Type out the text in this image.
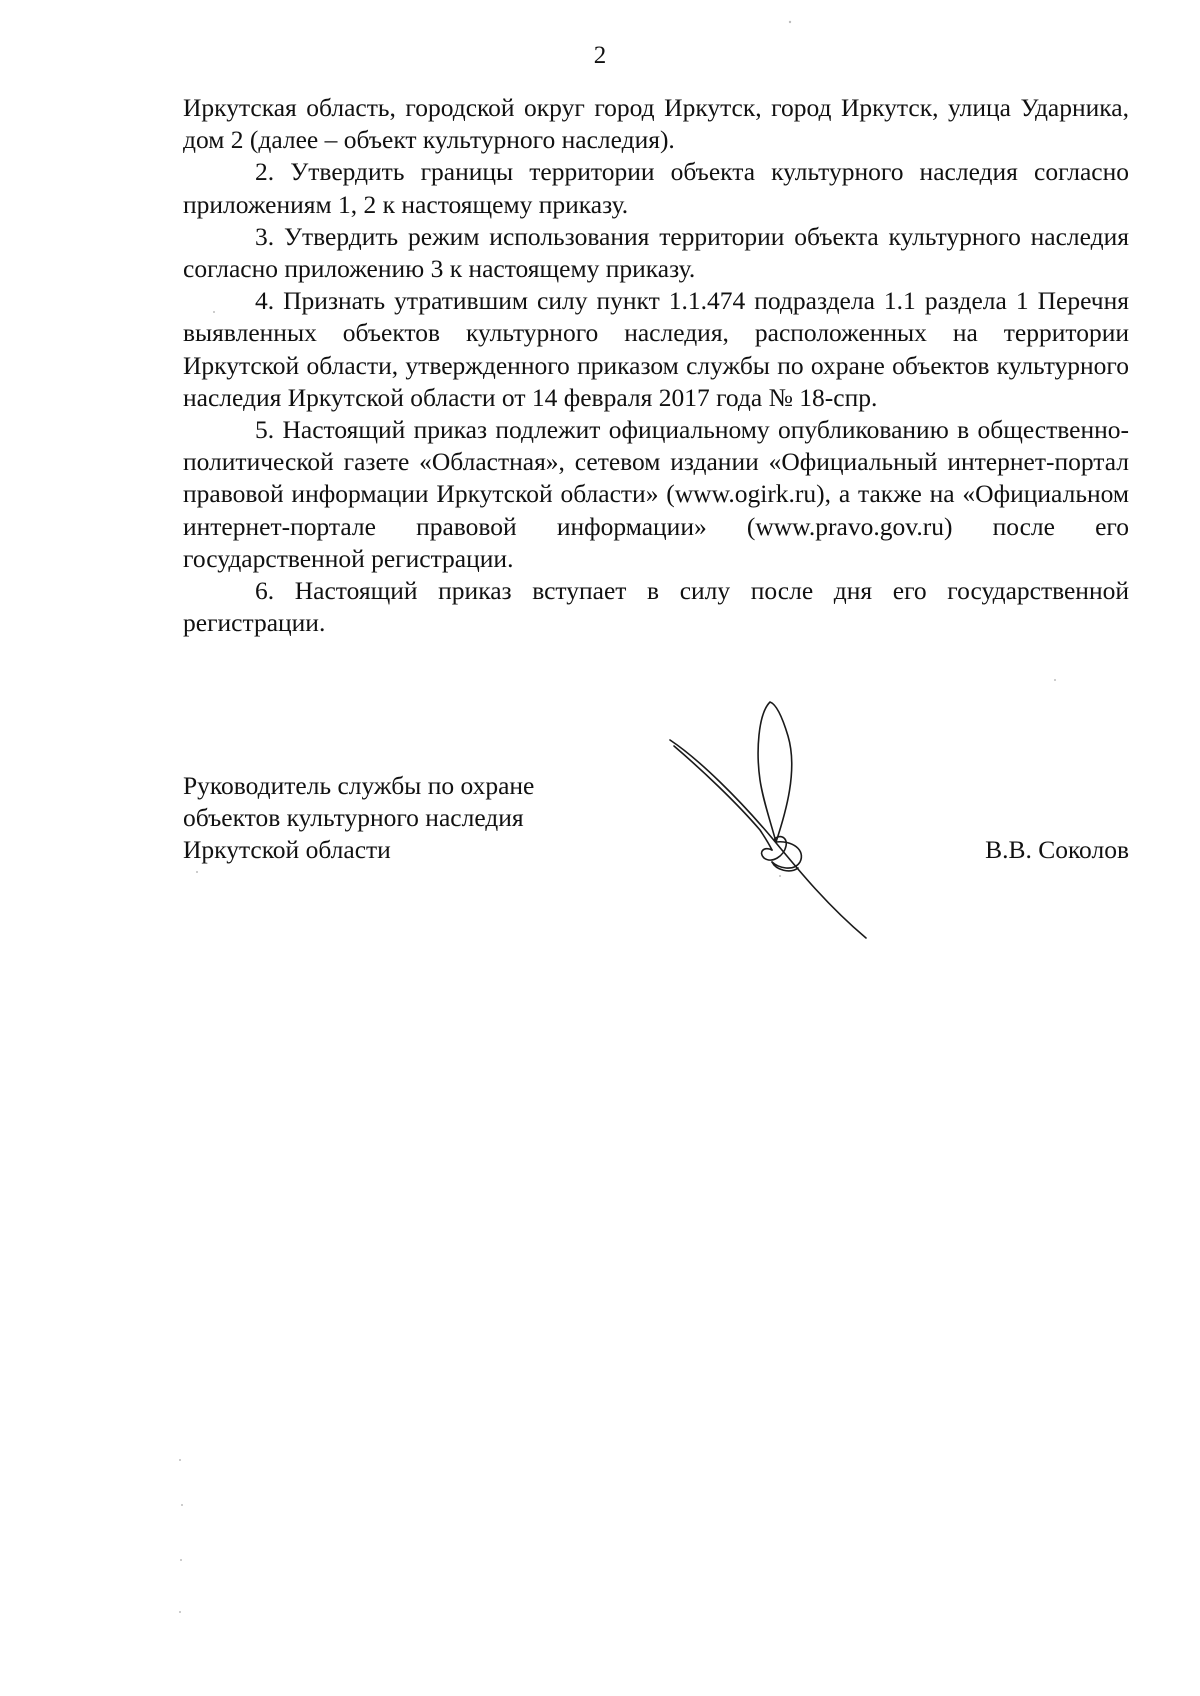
2

Иркутская область, городской округ город Иркутск, город Иркутск, улица Ударника, дом 2 (далее – объект культурного наследия).

2. Утвердить границы территории объекта культурного наследия согласно приложениям 1, 2 к настоящему приказу.

3. Утвердить режим использования территории объекта культурного наследия согласно приложению 3 к настоящему приказу.

4. Признать утратившим силу пункт 1.1.474 подраздела 1.1 раздела 1 Перечня выявленных объектов культурного наследия, расположенных на территории Иркутской области, утвержденного приказом службы по охране объектов культурного наследия Иркутской области от 14 февраля 2017 года № 18-спр.

5. Настоящий приказ подлежит официальному опубликованию в общественно-политической газете «Областная», сетевом издании «Официальный интернет-портал правовой информации Иркутской области» (www.ogirk.ru), а также на «Официальном интернет-портале правовой информации» (www.pravo.gov.ru) после его государственной регистрации.

6. Настоящий приказ вступает в силу после дня его государственной регистрации.

Руководитель службы по охране
объектов культурного наследия
Иркутской области	В.В. Соколов
